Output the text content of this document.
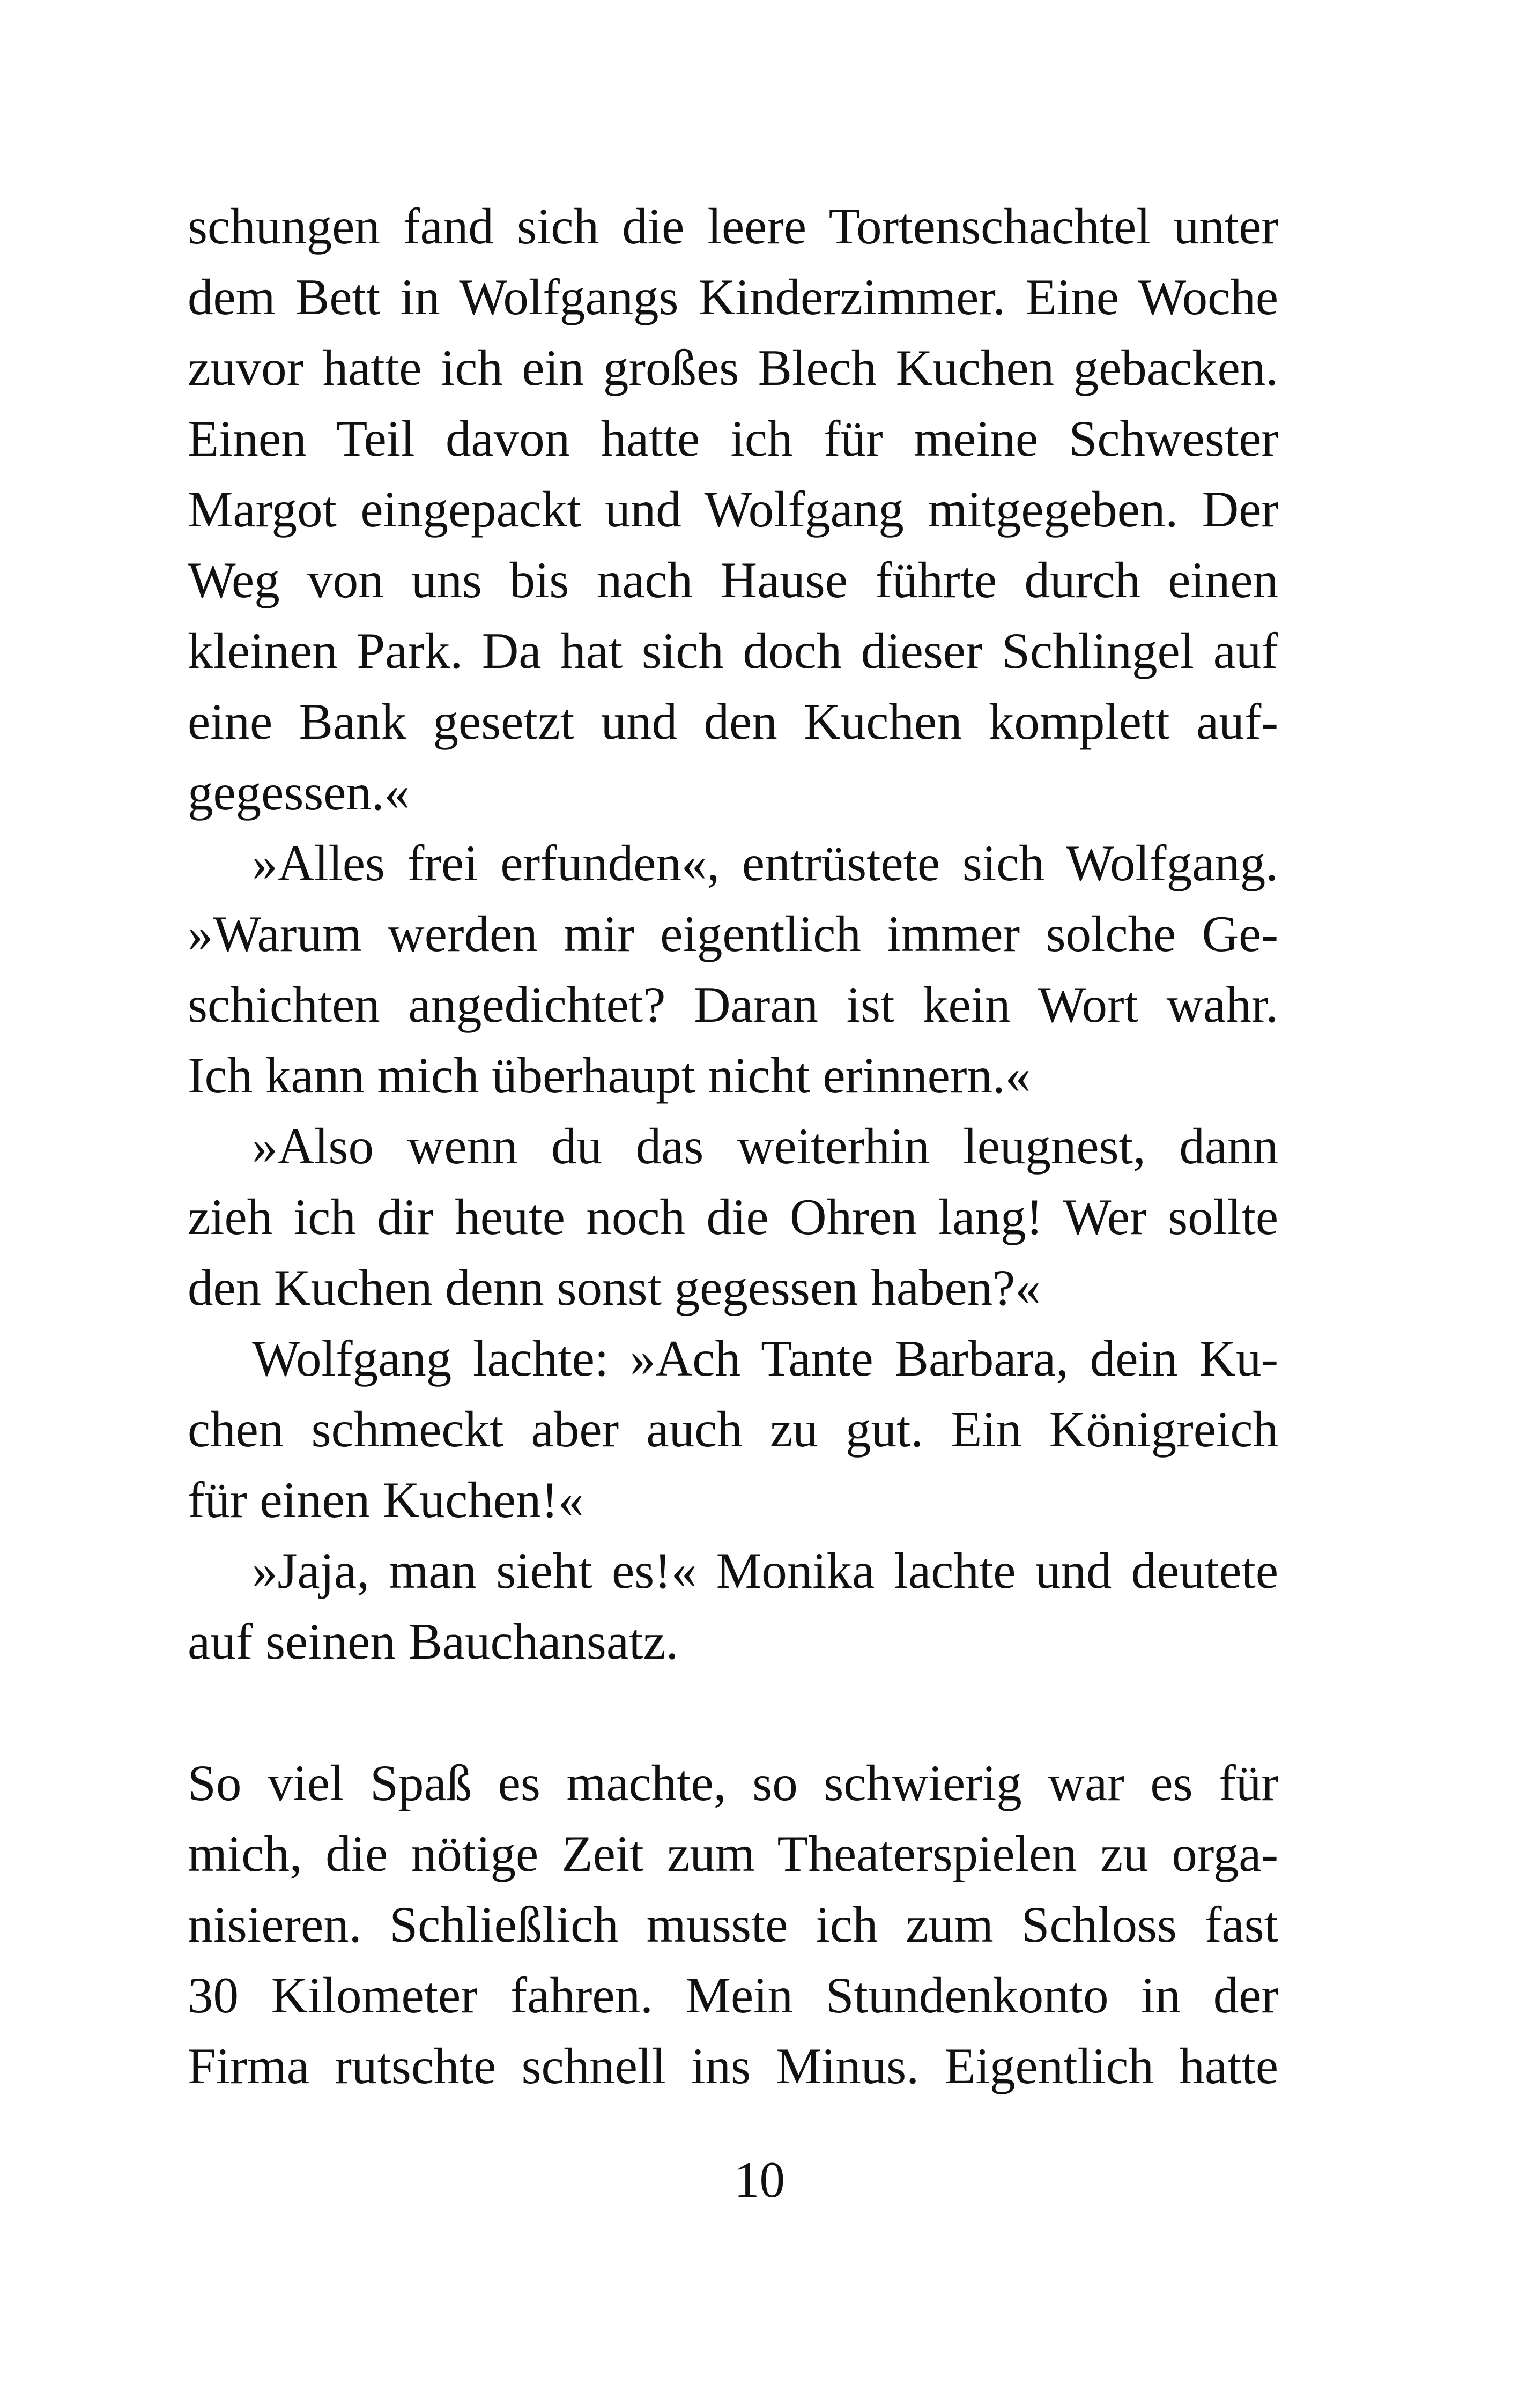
schungen fand sich die leere Tortenschachtel unter
dem Bett in Wolfgangs Kinderzimmer. Eine Woche
zuvor hatte ich ein großes Blech Kuchen gebacken.
Einen Teil davon hatte ich für meine Schwester
Margot eingepackt und Wolfgang mitgegeben. Der
Weg von uns bis nach Hause führte durch einen
kleinen Park. Da hat sich doch dieser Schlingel auf
eine Bank gesetzt und den Kuchen komplett auf-
gegessen.«
»Alles frei erfunden«, entrüstete sich Wolfgang.
»Warum werden mir eigentlich immer solche Ge-
schichten angedichtet? Daran ist kein Wort wahr.
Ich kann mich überhaupt nicht erinnern.«
»Also wenn du das weiterhin leugnest, dann
zieh ich dir heute noch die Ohren lang! Wer sollte
den Kuchen denn sonst gegessen haben?«
Wolfgang lachte: »Ach Tante Barbara, dein Ku-
chen schmeckt aber auch zu gut. Ein Königreich
für einen Kuchen!«
»Jaja, man sieht es!« Monika lachte und deutete
auf seinen Bauchansatz.
So viel Spaß es machte, so schwierig war es für
mich, die nötige Zeit zum Theaterspielen zu orga-
nisieren. Schließlich musste ich zum Schloss fast
30 Kilometer fahren. Mein Stundenkonto in der
Firma rutschte schnell ins Minus. Eigentlich hatte
10
